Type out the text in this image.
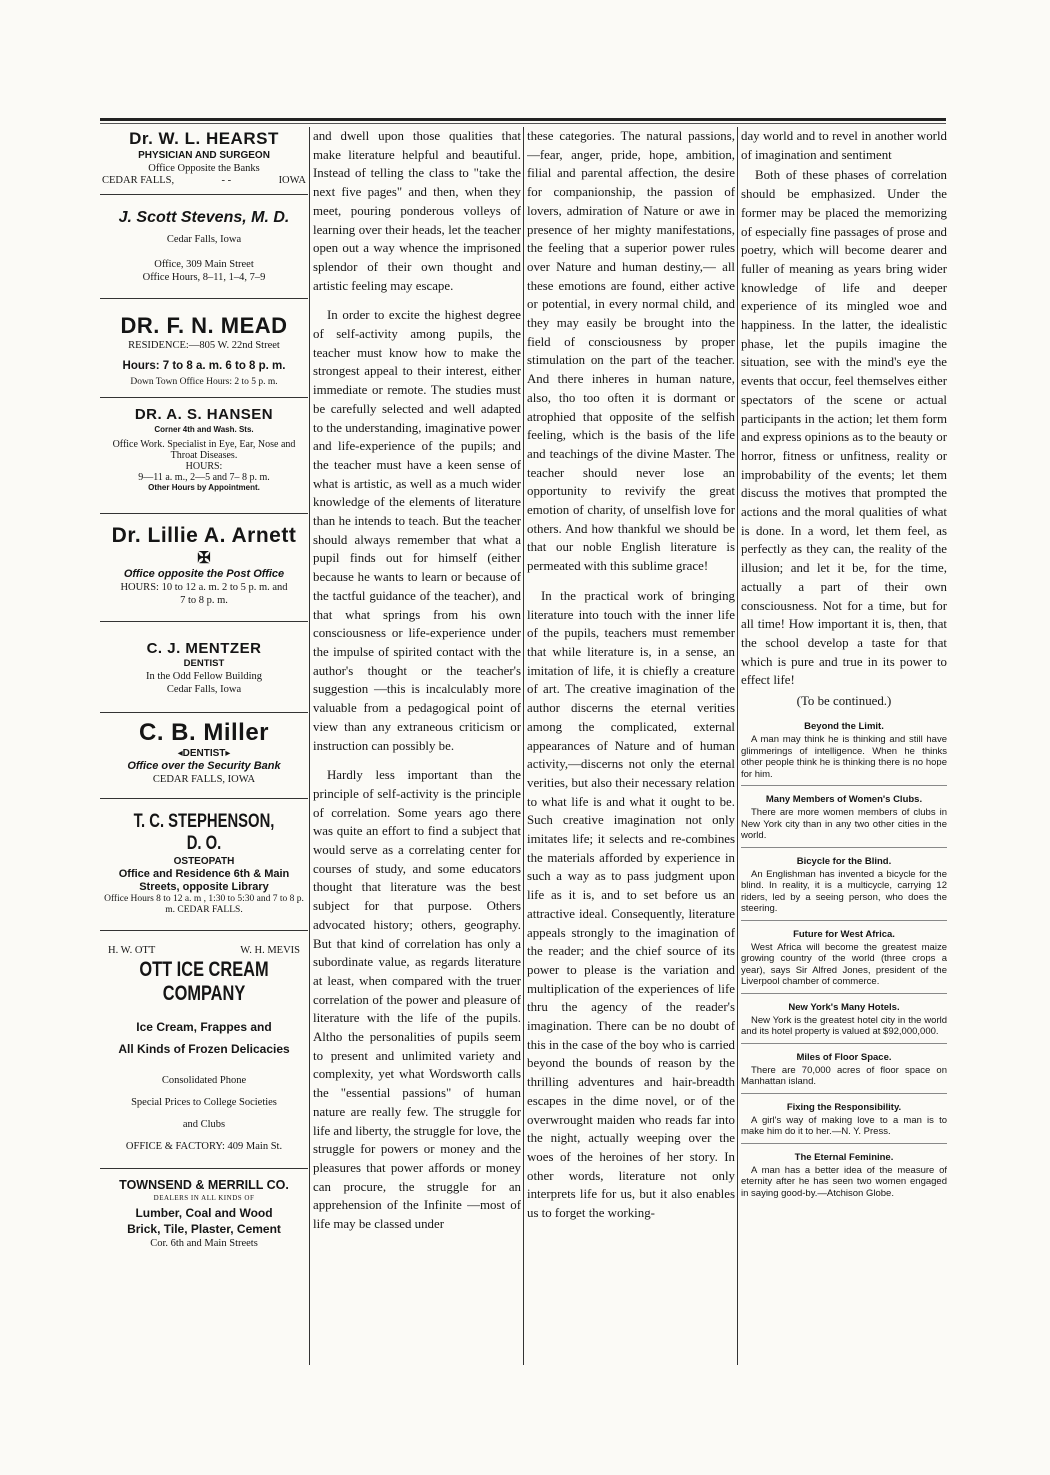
Dr. W. L. HEARST
PHYSICIAN AND SURGEON
Office Opposite the Banks
CEDAR FALLS,	- -	IOWA
J. Scott Stevens, M. D.
Cedar Falls, Iowa
Office, 309 Main Street
Office Hours, 8–11, 1–4, 7–9
DR. F. N. MEAD
RESIDENCE:—805 W. 22nd Street
Hours: 7 to 8 a. m. 6 to 8 p. m.
Down Town Office Hours: 2 to 5 p. m.
DR. A. S. HANSEN
Corner 4th and Wash. Sts.
Office Work. Specialist in Eye, Ear, Nose and Throat Diseases.
HOURS:
9—11 a. m., 2—5 and 7– 8 p. m.
Other Hours by Appointment.
Dr. Lillie A. Arnett
✠
Office opposite the Post Office
HOURS: 10 to 12 a. m. 2 to 5 p. m. and 7 to 8 p. m.
C. J. MENTZER
DENTIST
In the Odd Fellow Building
Cedar Falls, Iowa
C. B. Miller
◂DENTIST▸
Office over the Security Bank
CEDAR FALLS, IOWA
T. C. STEPHENSON, D. O.
OSTEOPATH
Office and Residence 6th & Main Streets, opposite Library
Office Hours 8 to 12 a. m , 1:30 to 5:30 and 7 to 8 p. m. CEDAR FALLS.
H. W. OTT	W. H. MEVIS
OTT ICE CREAM COMPANY
Ice Cream, Frappes and
All Kinds of Frozen Delicacies
Consolidated Phone
Special Prices to College Societies
and Clubs
OFFICE & FACTORY: 409 Main St.
TOWNSEND & MERRILL CO.
DEALERS IN ALL KINDS OF
Lumber, Coal and Wood
Brick, Tile, Plaster, Cement
Cor. 6th and Main Streets

and dwell upon those qualities that make literature helpful and beautiful. Instead of telling the class to "take the next five pages" and then, when they meet, pouring ponderous volleys of learning over their heads, let the teacher open out a way whence the imprisoned splendor of their own thought and artistic feeling may escape.

In order to excite the highest degree of self-activity among pupils, the teacher must know how to make the strongest appeal to their interest, either immediate or remote. The studies must be carefully selected and well adapted to the understanding, imaginative power and life-experience of the pupils; and the teacher must have a keen sense of what is artistic, as well as a much wider knowledge of the elements of literature than he intends to teach. But the teacher should always remember that what a pupil finds out for himself (either because he wants to learn or because of the tactful guidance of the teacher), and that what springs from his own consciousness or life-experience under the impulse of spirited contact with the author's thought or the teacher's suggestion —this is incalculably more valuable from a pedagogical point of view than any extraneous criticism or instruction can possibly be.

Hardly less important than the principle of self-activity is the principle of correlation. Some years ago there was quite an effort to find a subject that would serve as a correlating center for courses of study, and some educators thought that literature was the best subject for that purpose. Others advocated history; others, geography. But that kind of correlation has only a subordinate value, as regards literature at least, when compared with the truer correlation of the power and pleasure of literature with the life of the pupils. Altho the personalities of pupils seem to present and unlimited variety and complexity, yet what Wordsworth calls the "essential passions" of human nature are really few. The struggle for life and liberty, the struggle for love, the struggle for powers or money and the pleasures that power affords or money can procure, the struggle for an apprehension of the Infinite —most of life may be classed under

these categories. The natural passions,—fear, anger, pride, hope, ambition, filial and parental affection, the desire for companionship, the passion of lovers, admiration of Nature or awe in presence of her mighty manifestations, the feeling that a superior power rules over Nature and human destiny,— all these emotions are found, either active or potential, in every normal child, and they may easily be brought into the field of consciousness by proper stimulation on the part of the teacher. And there inheres in human nature, also, tho too often it is dormant or atrophied that opposite of the selfish feeling, which is the basis of the life and teachings of the divine Master. The teacher should never lose an opportunity to revivify the great emotion of charity, of unselfish love for others. And how thankful we should be that our noble English literature is permeated with this sublime grace!

In the practical work of bringing literature into touch with the inner life of the pupils, teachers must remember that while literature is, in a sense, an imitation of life, it is chiefly a creature of art. The creative imagination of the author discerns the eternal verities among the complicated, external appearances of Nature and of human activity,—discerns not only the eternal verities, but also their necessary relation to what life is and what it ought to be. Such creative imagination not only imitates life; it selects and re-combines the materials afforded by experience in such a way as to pass judgment upon life as it is, and to set before us an attractive ideal. Consequently, literature appeals strongly to the imagination of the reader; and the chief source of its power to please is the variation and multiplication of the experiences of life thru the agency of the reader's imagination. There can be no doubt of this in the case of the boy who is carried beyond the bounds of reason by the thrilling adventures and hair-breadth escapes in the dime novel, or of the overwrought maiden who reads far into the night, actually weeping over the woes of the heroines of her story. In other words, literature not only interprets life for us, but it also enables us to forget the working-

day world and to revel in another world of imagination and sentiment

Both of these phases of correlation should be emphasized. Under the former may be placed the memorizing of especially fine passages of prose and poetry, which will become dearer and fuller of meaning as years bring wider knowledge of life and deeper experience of its mingled woe and happiness. In the latter, the idealistic phase, let the pupils imagine the situation, see with the mind's eye the events that occur, feel themselves either spectators of the scene or actual participants in the action; let them form and express opinions as to the beauty or horror, fitness or unfitness, reality or improbability of the events; let them discuss the motives that prompted the actions and the moral qualities of what is done. In a word, let them feel, as perfectly as they can, the reality of the illusion; and let it be, for the time, actually a part of their own consciousness. Not for a time, but for all time! How important it is, then, that the school develop a taste for that which is pure and true in its power to effect life!

(To be continued.)
Beyond the Limit.
A man may think he is thinking and still have glimmerings of intelligence. When he thinks other people think he is thinking there is no hope for him.
Many Members of Women's Clubs.
There are more women members of clubs in New York city than in any two other cities in the world.
Bicycle for the Blind.
An Englishman has invented a bicycle for the blind. In reality, it is a multicycle, carrying 12 riders, led by a seeing person, who does the steering.
Future for West Africa.
West Africa will become the greatest maize growing country of the world (three crops a year), says Sir Alfred Jones, president of the Liverpool chamber of commerce.
New York's Many Hotels.
New York is the greatest hotel city in the world and its hotel property is valued at $92,000,000.
Miles of Floor Space.
There are 70,000 acres of floor space on Manhattan island.
Fixing the Responsibility.
A girl's way of making love to a man is to make him do it to her.—N. Y. Press.
The Eternal Feminine.
A man has a better idea of the measure of eternity after he has seen two women engaged in saying good-by.—Atchison Globe.
